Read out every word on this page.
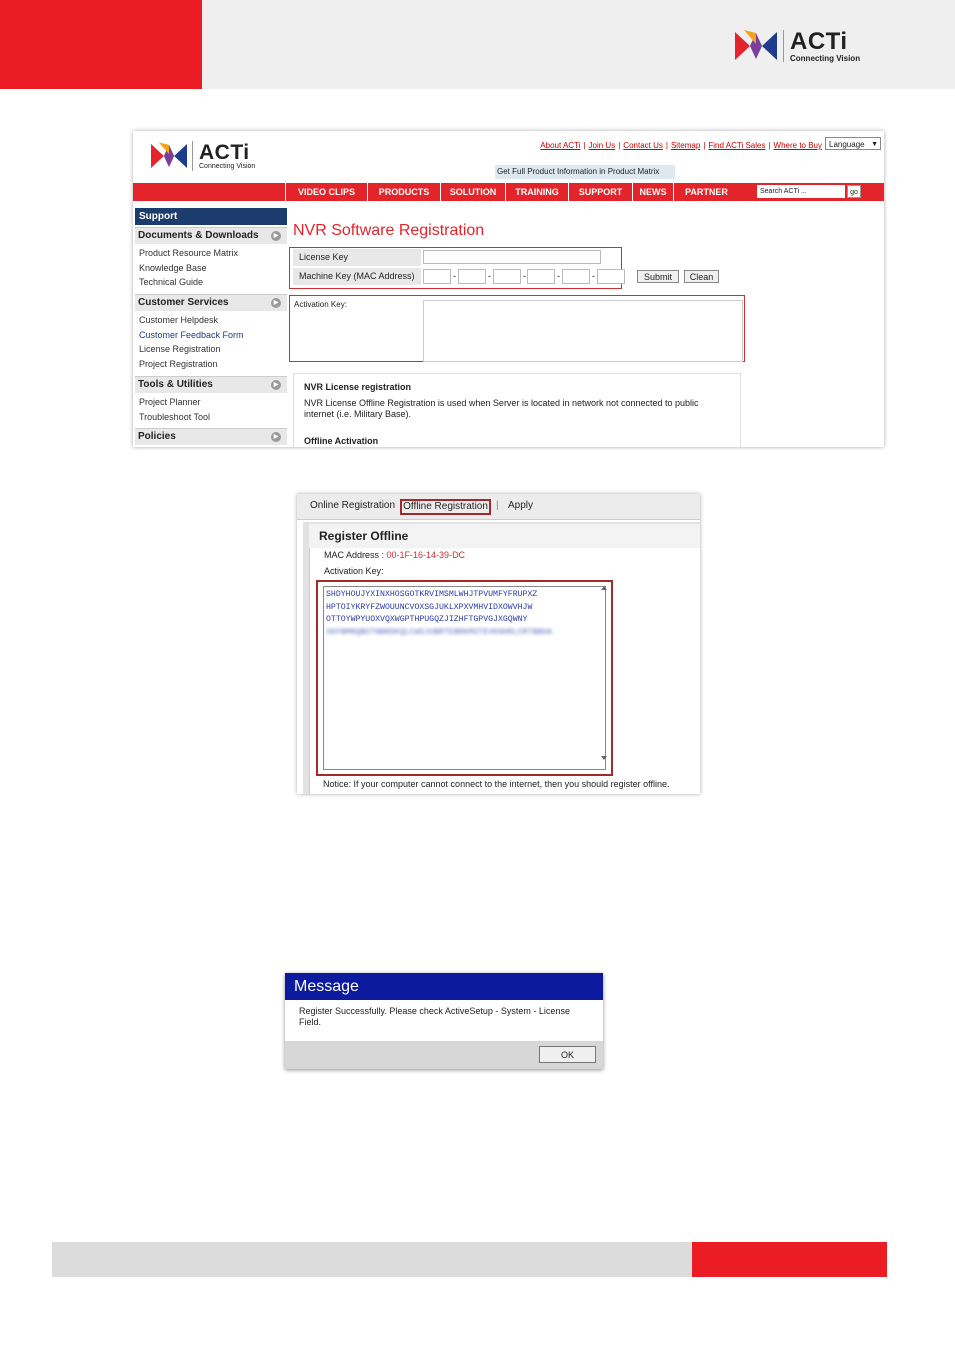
ACTi
Connecting Vision
ACTi
Connecting Vision
About ACTi | Join Us | Contact Us | Sitemap | Find ACTi Sales | Where to Buy Language ▼
Get Full Product Information in Product Matrix
VIDEO CLIPS	PRODUCTS	SOLUTION	TRAINING	SUPPORT	NEWS	PARTNER	Search ACTi ...	go
Support
Documents & Downloads	▶
Product Resource Matrix
Knowledge Base
Technical Guide
Customer Services	▶
Customer Helpdesk
Customer Feedback Form
License Registration
Project Registration
Tools & Utilities	▶
Project Planner
Troubleshoot Tool
Policies	▶
NVR Software Registration
License Key
Machine Key (MAC Address)	-	-	-	-	-	Submit	Clean
Activation Key:
NVR License registration
NVR License Offline Registration is used when Server is located in network not connected to public internet (i.e. Military Base).
Offline Activation
Online Registration Offline Registration | Apply
Register Offline
MAC Address : 00-1F-16-14-39-DC
Activation Key:
SHDYHOUJYXINXHOSGOTKRVIMSMLWHJTPVUMFYFRUPXZ
HPTOIYKRYFZWOUUNCVOXSGJUKLXPXVMHVIDXOWVHJW
OTTOYWPYUOXVQXWGPTHPUGQZJIZHFTGPVGJXGQWNY
XKFBMRQBOTNBRDKQLCWSJUBRTEBRKMSTEVKNHRLCRTBBHA
Notice: If your computer cannot connect to the internet, then you should register offline.
Message
Register Successfully. Please check ActiveSetup - System - License Field.
OK
